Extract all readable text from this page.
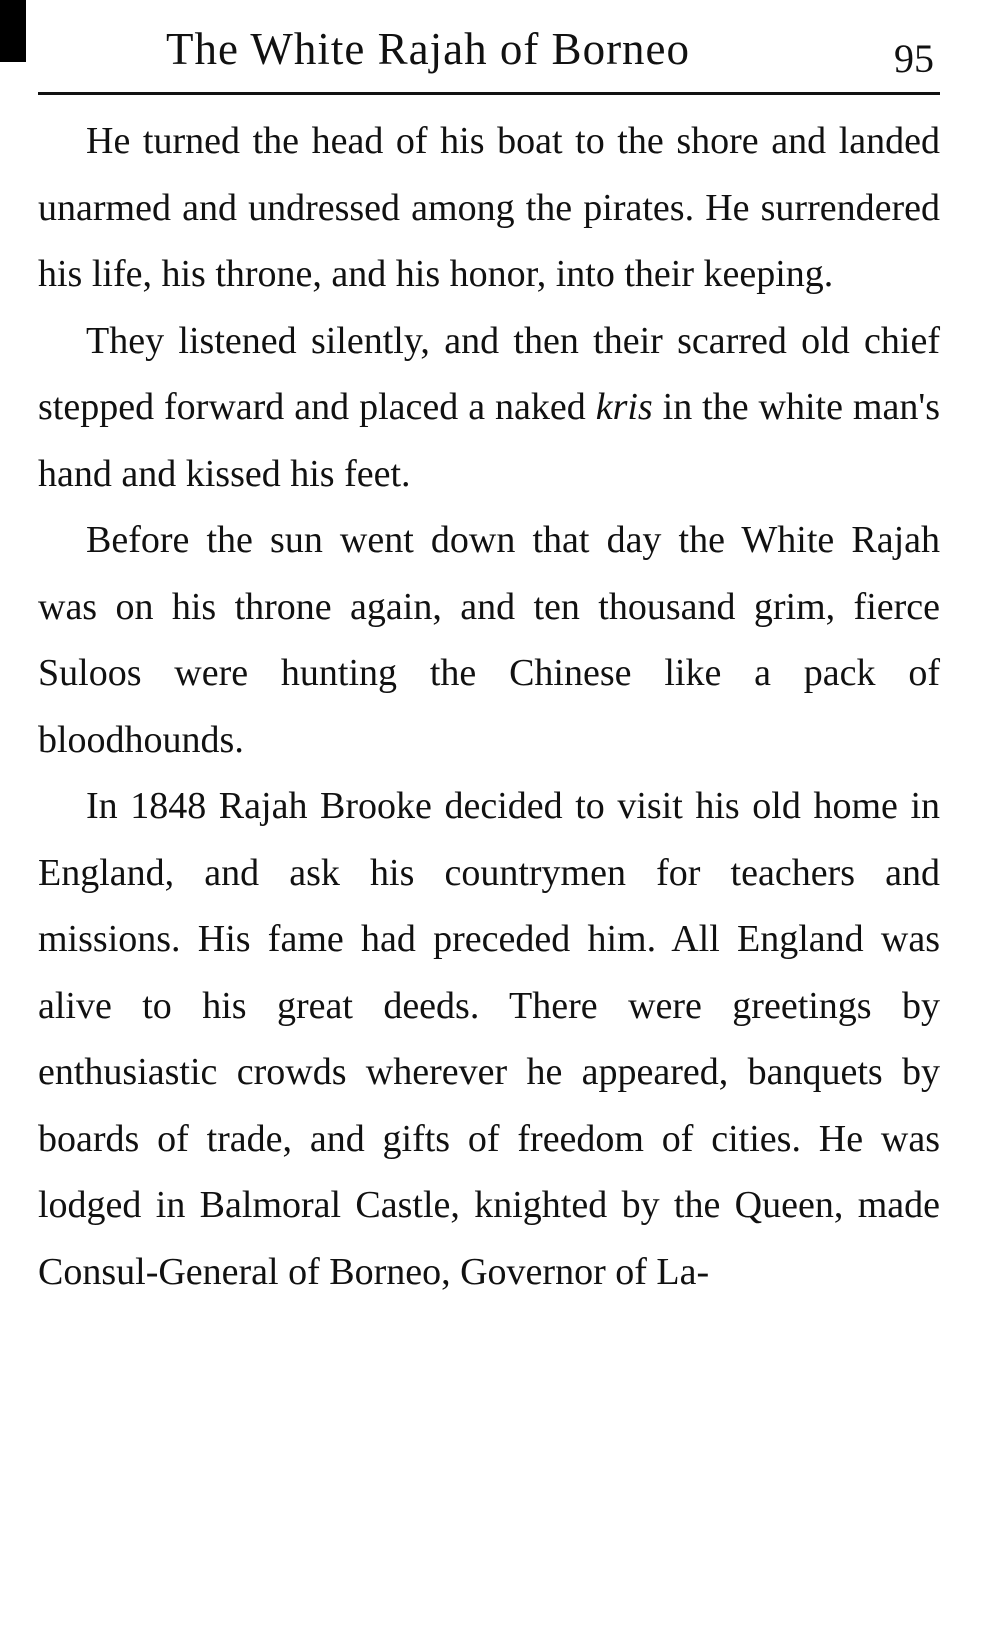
The White Rajah of Borneo	95

He turned the head of his boat to the shore and landed unarmed and undressed among the pirates. He surrendered his life, his throne, and his honor, into their keeping.

They listened silently, and then their scarred old chief stepped forward and placed a naked kris in the white man's hand and kissed his feet.

Before the sun went down that day the White Rajah was on his throne again, and ten thousand grim, fierce Suloos were hunting the Chinese like a pack of bloodhounds.

In 1848 Rajah Brooke decided to visit his old home in England, and ask his countrymen for teachers and missions. His fame had preceded him. All England was alive to his great deeds. There were greetings by enthusiastic crowds wherever he appeared, banquets by boards of trade, and gifts of freedom of cities. He was lodged in Balmoral Castle, knighted by the Queen, made Consul-General of Borneo, Governor of La-
